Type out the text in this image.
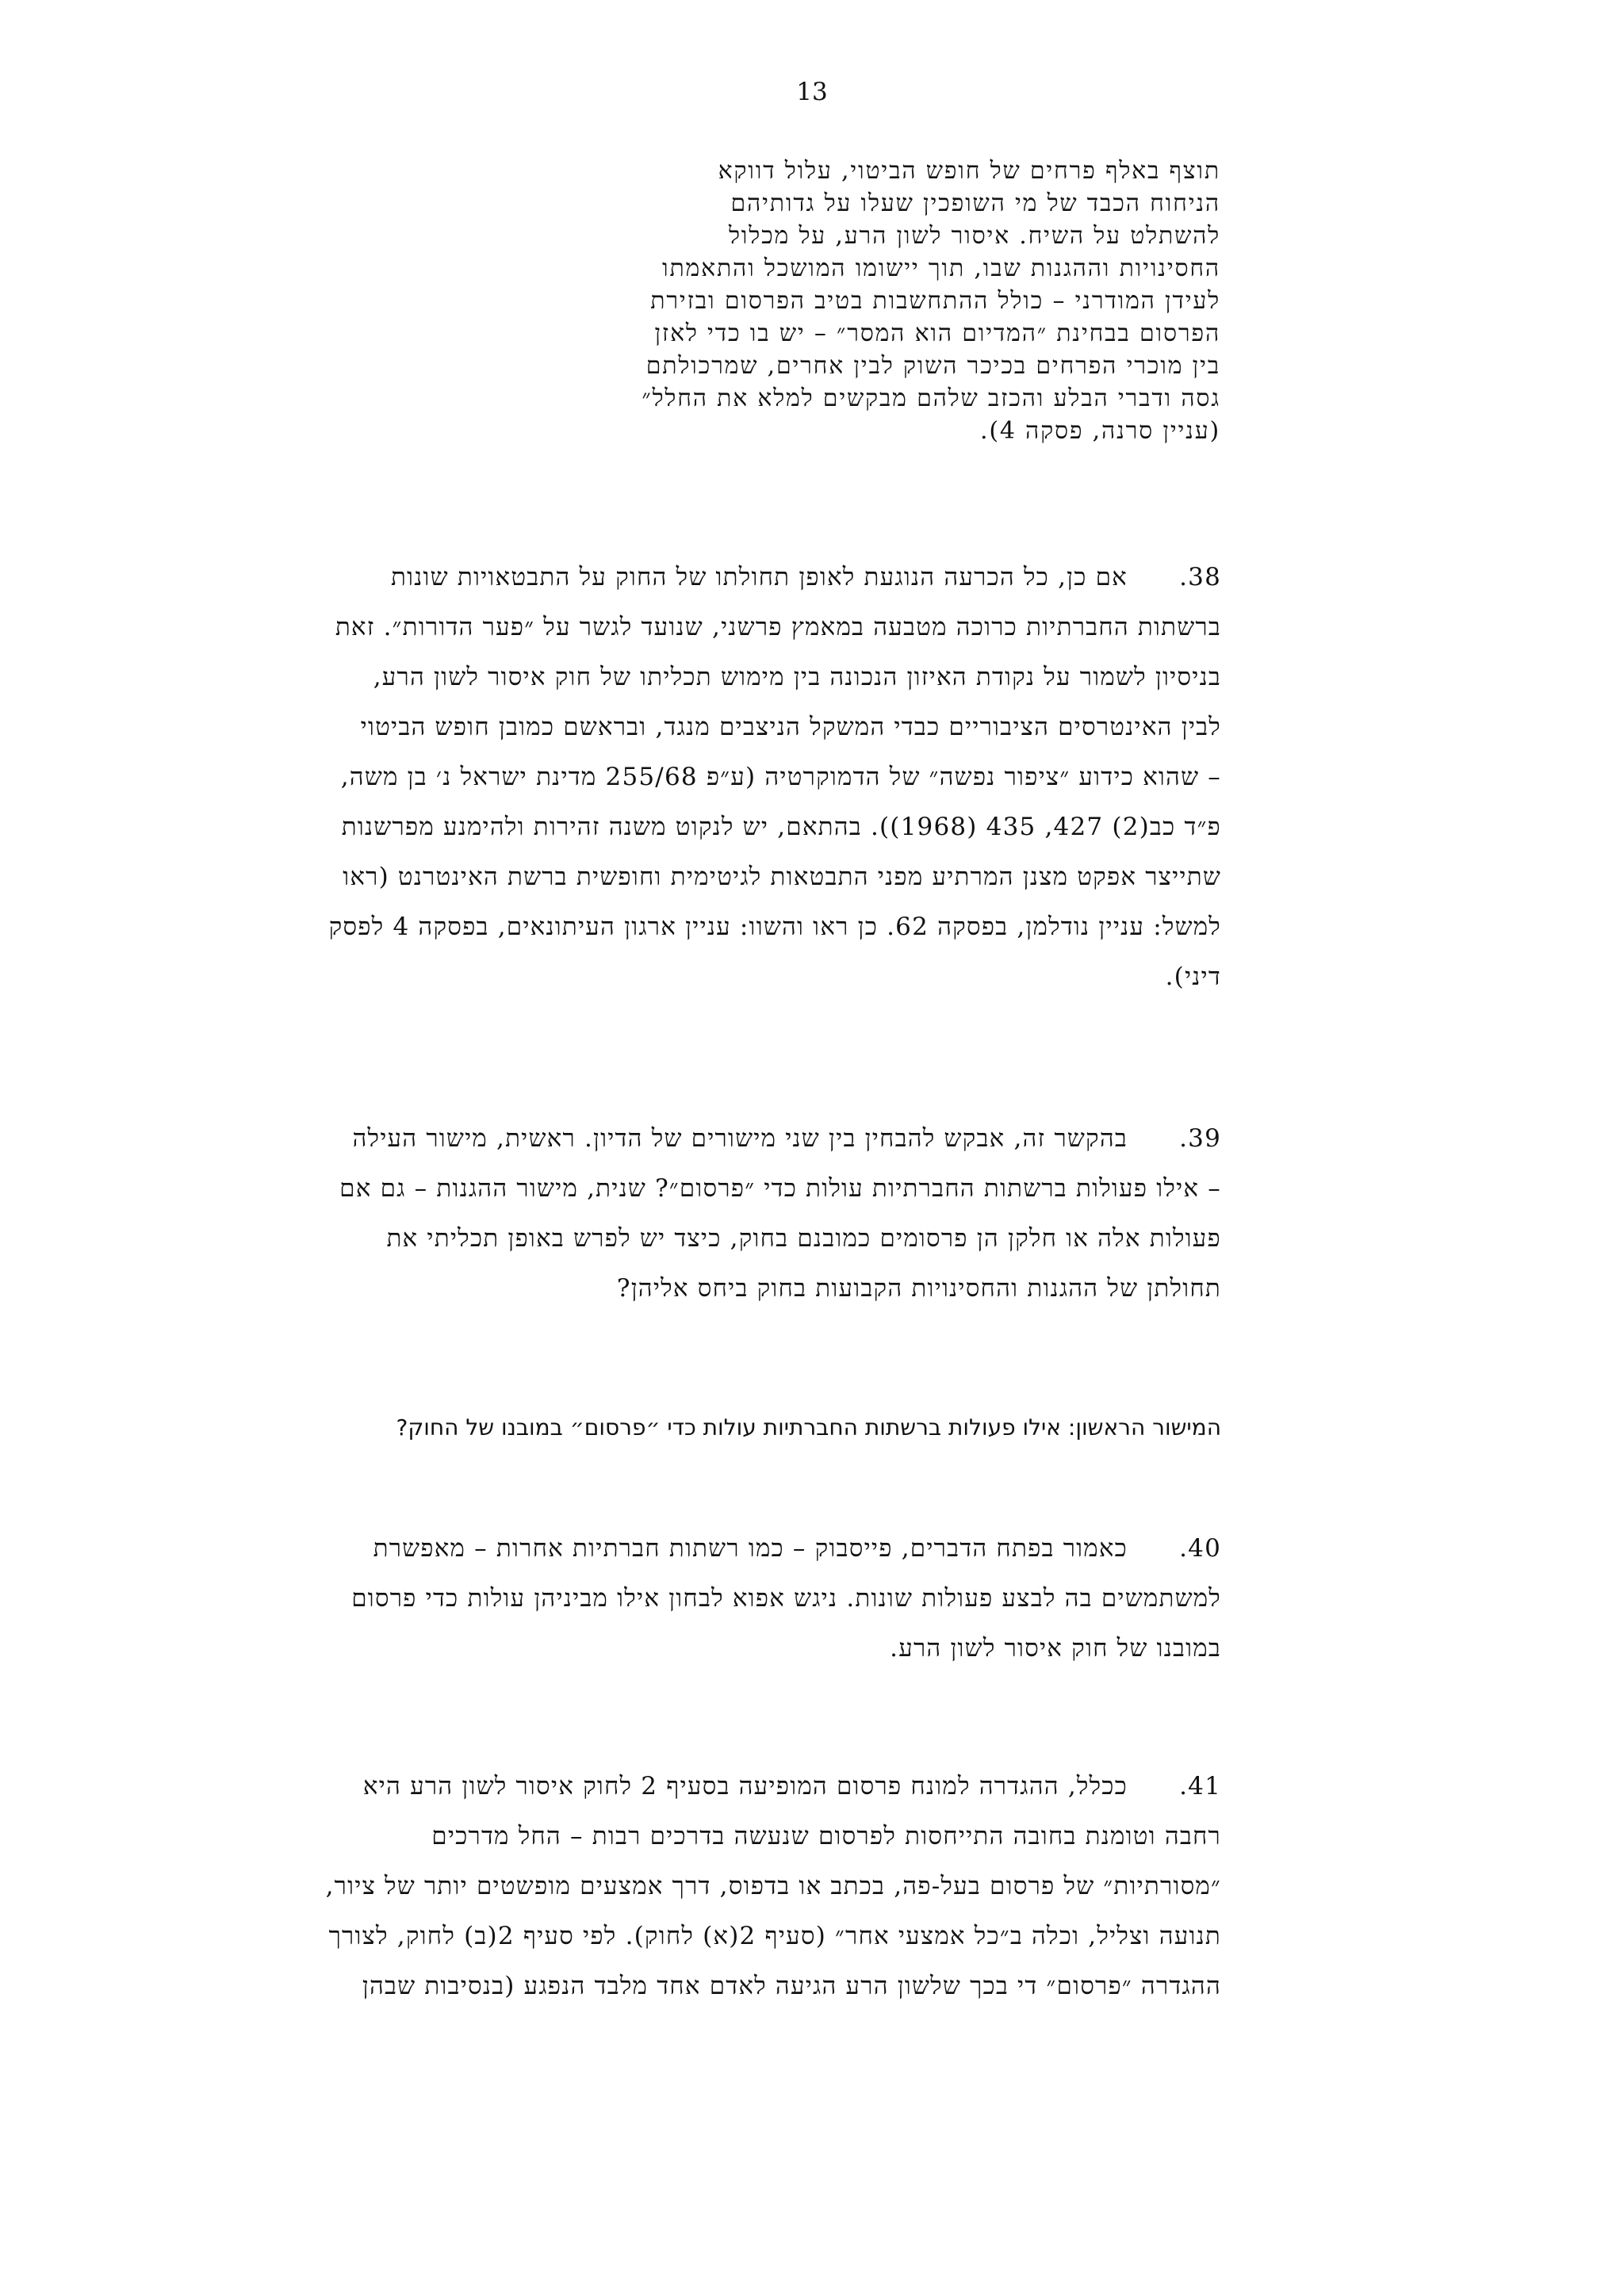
13
תוצף באלף פרחים של חופש הביטוי, עלול דווקא
הניחוח הכבד של מי השופכין שעלו על גדותיהם
להשתלט על השיח. איסור לשון הרע, על מכלול
החסינויות וההגנות שבו, תוך יישומו המושכל והתאמתו
לעידן המודרני – כולל ההתחשבות בטיב הפרסום ובזירת
הפרסום בבחינת ״המדיום הוא המסר״ – יש בו כדי לאזן
בין מוכרי הפרחים בכיכר השוק לבין אחרים, שמרכולתם
גסה ודברי הבלע והכזב שלהם מבקשים למלא את החלל״
(עניין סרנה, פסקה 4).
38.אם כן, כל הכרעה הנוגעת לאופן תחולתו של החוק על התבטאויות שונות
ברשתות החברתיות כרוכה מטבעה במאמץ פרשני, שנועד לגשר על ״פער הדורות״. זאת
בניסיון לשמור על נקודת האיזון הנכונה בין מימוש תכליתו של חוק איסור לשון הרע,
לבין האינטרסים הציבוריים כבדי המשקל הניצבים מנגד, ובראשם כמובן חופש הביטוי
– שהוא כידוע ״ציפור נפשה״ של הדמוקרטיה (ע״פ 255/68 מדינת ישראל נ׳ בן משה,
פ״ד כב(2) 427, 435 (1968)). בהתאם, יש לנקוט משנה זהירות ולהימנע מפרשנות
שתייצר אפקט מצנן המרתיע מפני התבטאות לגיטימית וחופשית ברשת האינטרנט (ראו
למשל: עניין נודלמן, בפסקה 62. כן ראו והשוו: עניין ארגון העיתונאים, בפסקה 4 לפסק
דיני).
39.בהקשר זה, אבקש להבחין בין שני מישורים של הדיון. ראשית, מישור העילה
– אילו פעולות ברשתות החברתיות עולות כדי ״פרסום״? שנית, מישור ההגנות – גם אם
פעולות אלה או חלקן הן פרסומים כמובנם בחוק, כיצד יש לפרש באופן תכליתי את
תחולתן של ההגנות והחסינויות הקבועות בחוק ביחס אליהן?
המישור הראשון: אילו פעולות ברשתות החברתיות עולות כדי ״פרסום״ במובנו של החוק?
40.כאמור בפתח הדברים, פייסבוק – כמו רשתות חברתיות אחרות – מאפשרת
למשתמשים בה לבצע פעולות שונות. ניגש אפוא לבחון אילו מביניהן עולות כדי פרסום
במובנו של חוק איסור לשון הרע.
41.ככלל, ההגדרה למונח פרסום המופיעה בסעיף 2 לחוק איסור לשון הרע היא
רחבה וטומנת בחובה התייחסות לפרסום שנעשה בדרכים רבות – החל מדרכים
״מסורתיות״ של פרסום בעל-פה, בכתב או בדפוס, דרך אמצעים מופשטים יותר של ציור,
תנועה וצליל, וכלה ב״כל אמצעי אחר״ (סעיף 2(א) לחוק). לפי סעיף 2(ב) לחוק, לצורך
ההגדרה ״פרסום״ די בכך שלשון הרע הגיעה לאדם אחד מלבד הנפגע (בנסיבות שבהן
